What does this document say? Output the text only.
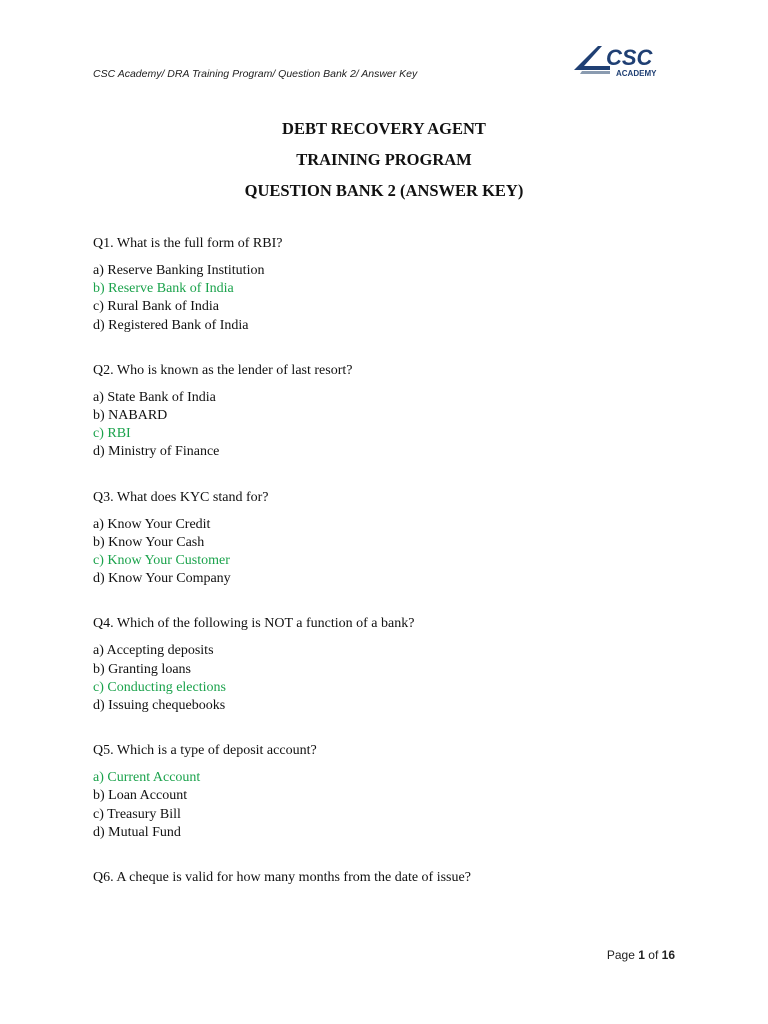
CSC Academy/ DRA Training Program/ Question Bank 2/ Answer Key
CSC
ACADEMY
DEBT RECOVERY AGENT
TRAINING PROGRAM
QUESTION BANK 2 (ANSWER KEY)
Q1. What is the full form of RBI?
a) Reserve Banking Institution
b) Reserve Bank of India
c) Rural Bank of India
d) Registered Bank of India
Q2. Who is known as the lender of last resort?
a) State Bank of India
b) NABARD
c) RBI
d) Ministry of Finance
Q3. What does KYC stand for?
a) Know Your Credit
b) Know Your Cash
c) Know Your Customer
d) Know Your Company
Q4. Which of the following is NOT a function of a bank?
a) Accepting deposits
b) Granting loans
c) Conducting elections
d) Issuing chequebooks
Q5. Which is a type of deposit account?
a) Current Account
b) Loan Account
c) Treasury Bill
d) Mutual Fund
Q6. A cheque is valid for how many months from the date of issue?
Page 1 of 16
